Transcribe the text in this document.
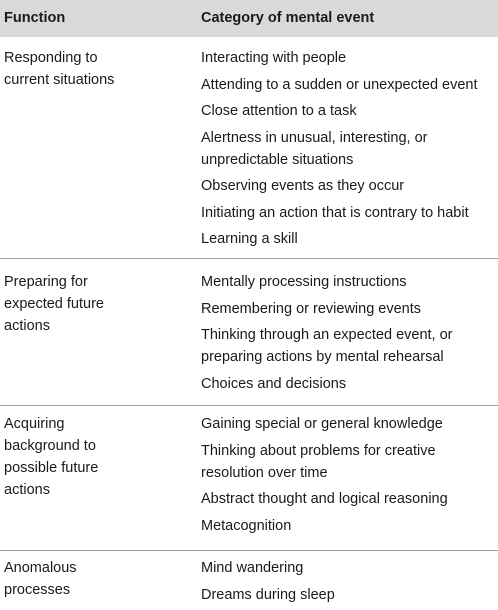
Function	Category of mental event
Responding to
current situations
Interacting with people
Attending to a sudden or unexpected event
Close attention to a task
Alertness in unusual, interesting, or
unpredictable situations
Observing events as they occur
Initiating an action that is contrary to habit
Learning a skill
Preparing for
expected future
actions
Mentally processing instructions
Remembering or reviewing events
Thinking through an expected event, or
preparing actions by mental rehearsal
Choices and decisions
Acquiring
background to
possible future
actions
Gaining special or general knowledge
Thinking about problems for creative
resolution over time
Abstract thought and logical reasoning
Metacognition
Anomalous
processes
Mind wandering
Dreams during sleep
